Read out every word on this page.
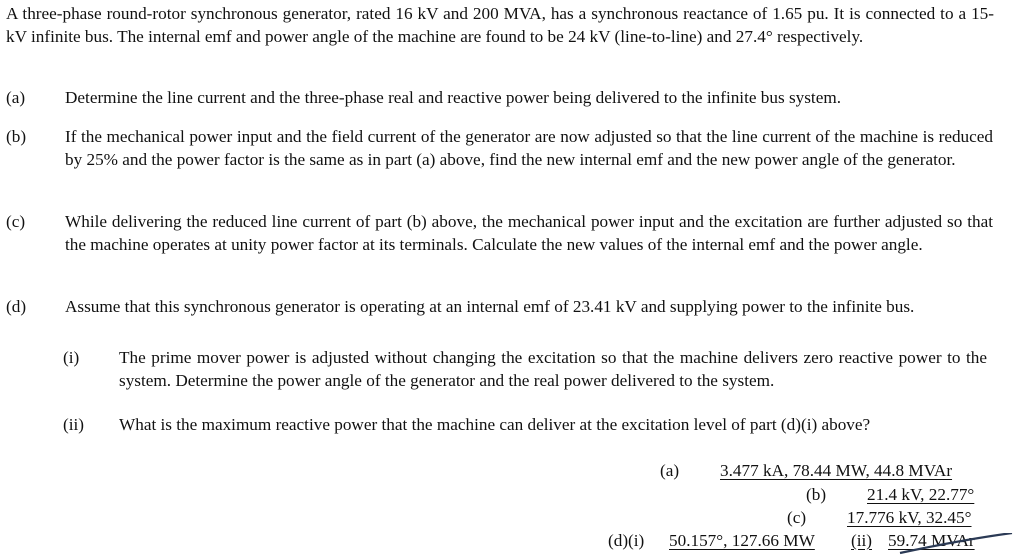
A three-phase round-rotor synchronous generator, rated 16 kV and 200 MVA, has a synchronous reactance of 1.65 pu. It is connected to a 15-kV infinite bus. The internal emf and power angle of the machine are found to be 24 kV (line-to-line) and 27.4° respectively.
(a) Determine the line current and the three-phase real and reactive power being delivered to the infinite bus system.
(b) If the mechanical power input and the field current of the generator are now adjusted so that the line current of the machine is reduced by 25% and the power factor is the same as in part (a) above, find the new internal emf and the new power angle of the generator.
(c) While delivering the reduced line current of part (b) above, the mechanical power input and the excitation are further adjusted so that the machine operates at unity power factor at its terminals. Calculate the new values of the internal emf and the power angle.
(d) Assume that this synchronous generator is operating at an internal emf of 23.41 kV and supplying power to the infinite bus.
(i) The prime mover power is adjusted without changing the excitation so that the machine delivers zero reactive power to the system. Determine the power angle of the generator and the real power delivered to the system.
(ii) What is the maximum reactive power that the machine can deliver at the excitation level of part (d)(i) above?
(a) 3.477 kA, 78.44 MW, 44.8 MVAr
(b) 21.4 kV, 22.77°
(c) 17.776 kV, 32.45°
(d)(i) 50.157°, 127.66 MW (ii) 59.74 MVAr
